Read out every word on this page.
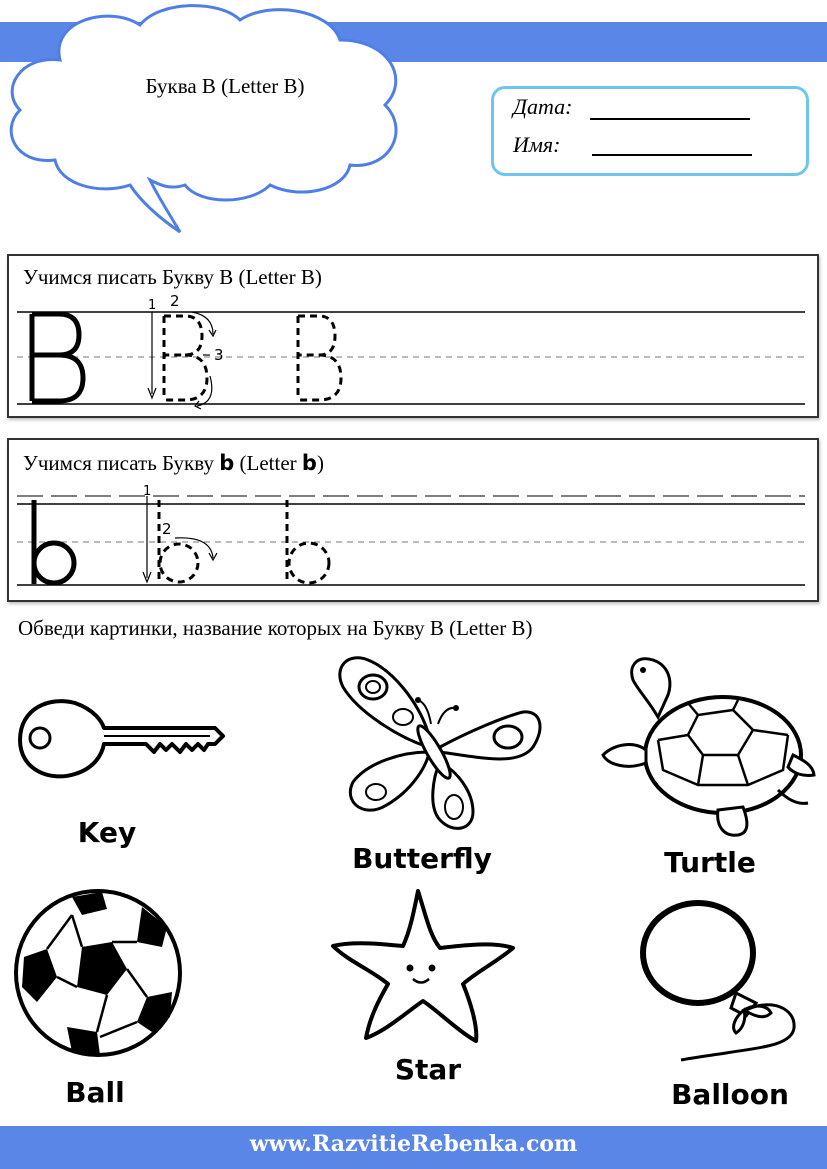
Буква B (Letter B)
Дата:
Имя:
Учимся писать Букву B (Letter B)
1 2
3
Учимся писать Букву b (Letter b)
1
2
Обведи картинки, название которых на Букву B (Letter B)
Key
Butterfly	Turtle
Ball
Star
Balloon
www.RazvitieRebenka.com
